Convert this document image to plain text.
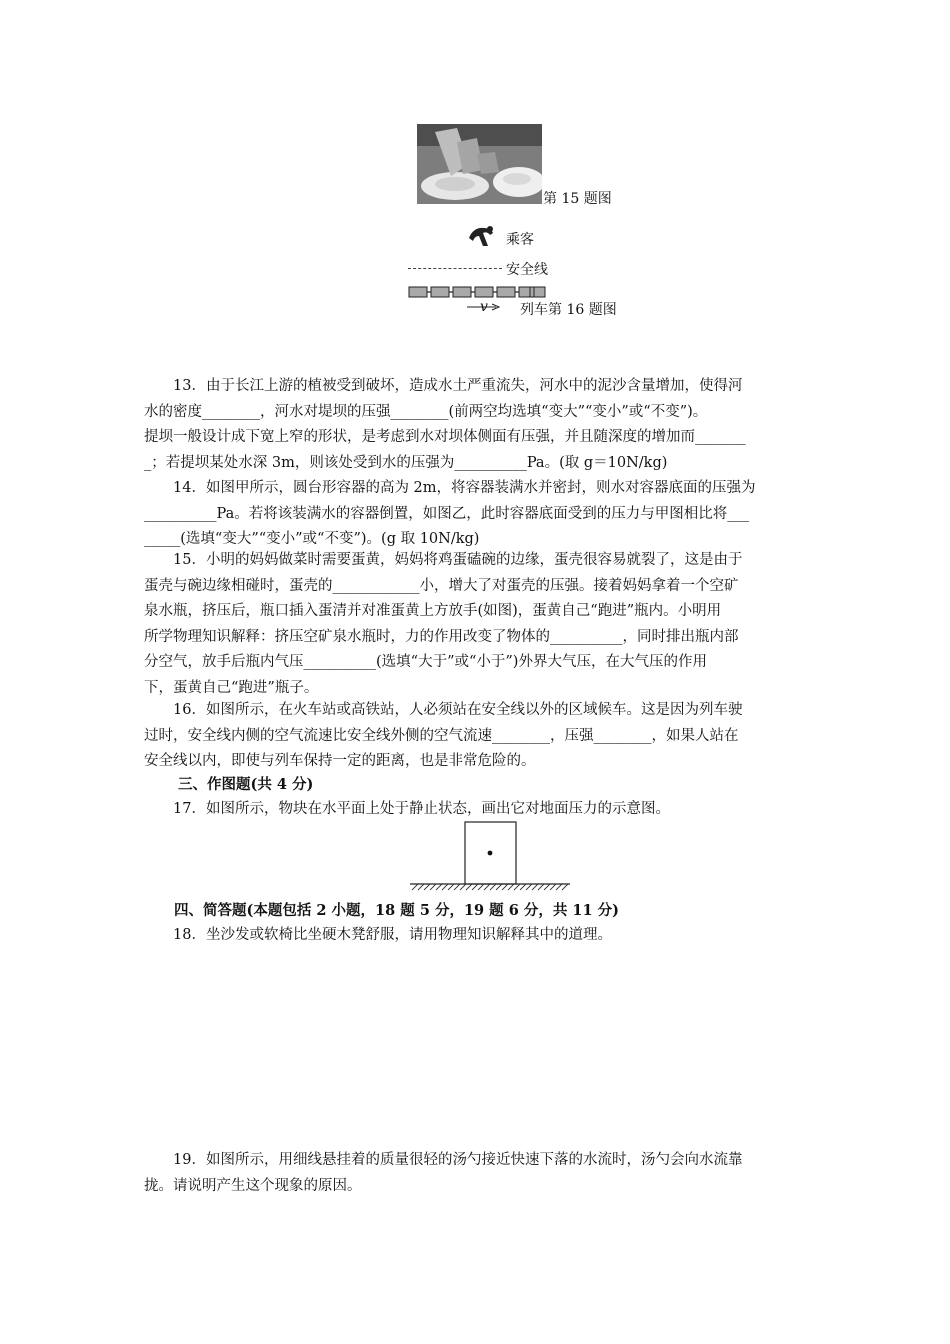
第 15 题图
乘客
安全线
v 列车第 16 题图
13．由于长江上游的植被受到破坏，造成水土严重流失，河水中的泥沙含量增加，使得河
水的密度________，河水对堤坝的压强________(前两空均选填“变大”“变小”或“不变”)。
提坝一般设计成下宽上窄的形状，是考虑到水对坝体侧面有压强，并且随深度的增加而_______
_；若提坝某处水深 3m，则该处受到水的压强为__________Pa。(取 g＝10N/kg)
14．如图甲所示，圆台形容器的高为 2m，将容器装满水并密封，则水对容器底面的压强为
__________Pa。若将该装满水的容器倒置，如图乙，此时容器底面受到的压力与甲图相比将___
_____(选填“变大”“变小”或“不变”)。(g 取 10N/kg)
15．小明的妈妈做菜时需要蛋黄，妈妈将鸡蛋磕碗的边缘，蛋壳很容易就裂了，这是由于
蛋壳与碗边缘相碰时，蛋壳的____________小，增大了对蛋壳的压强。接着妈妈拿着一个空矿
泉水瓶，挤压后，瓶口插入蛋清并对准蛋黄上方放手(如图)，蛋黄自己“跑进”瓶内。小明用
所学物理知识解释：挤压空矿泉水瓶时，力的作用改变了物体的__________，同时排出瓶内部
分空气，放手后瓶内气压__________(选填“大于”或“小于”)外界大气压，在大气压的作用
下，蛋黄自己“跑进”瓶子。
16．如图所示，在火车站或高铁站，人必须站在安全线以外的区域候车。这是因为列车驶
过时，安全线内侧的空气流速比安全线外侧的空气流速________，压强________，如果人站在
安全线以内，即使与列车保持一定的距离，也是非常危险的。
三、作图题(共 4 分)
17．如图所示，物块在水平面上处于静止状态，画出它对地面压力的示意图。
四、简答题(本题包括 2 小题，18 题 5 分，19 题 6 分，共 11 分)
18．坐沙发或软椅比坐硬木凳舒服，请用物理知识解释其中的道理。
19．如图所示，用细线悬挂着的质量很轻的汤勺接近快速下落的水流时，汤勺会向水流靠
拢。请说明产生这个现象的原因。
